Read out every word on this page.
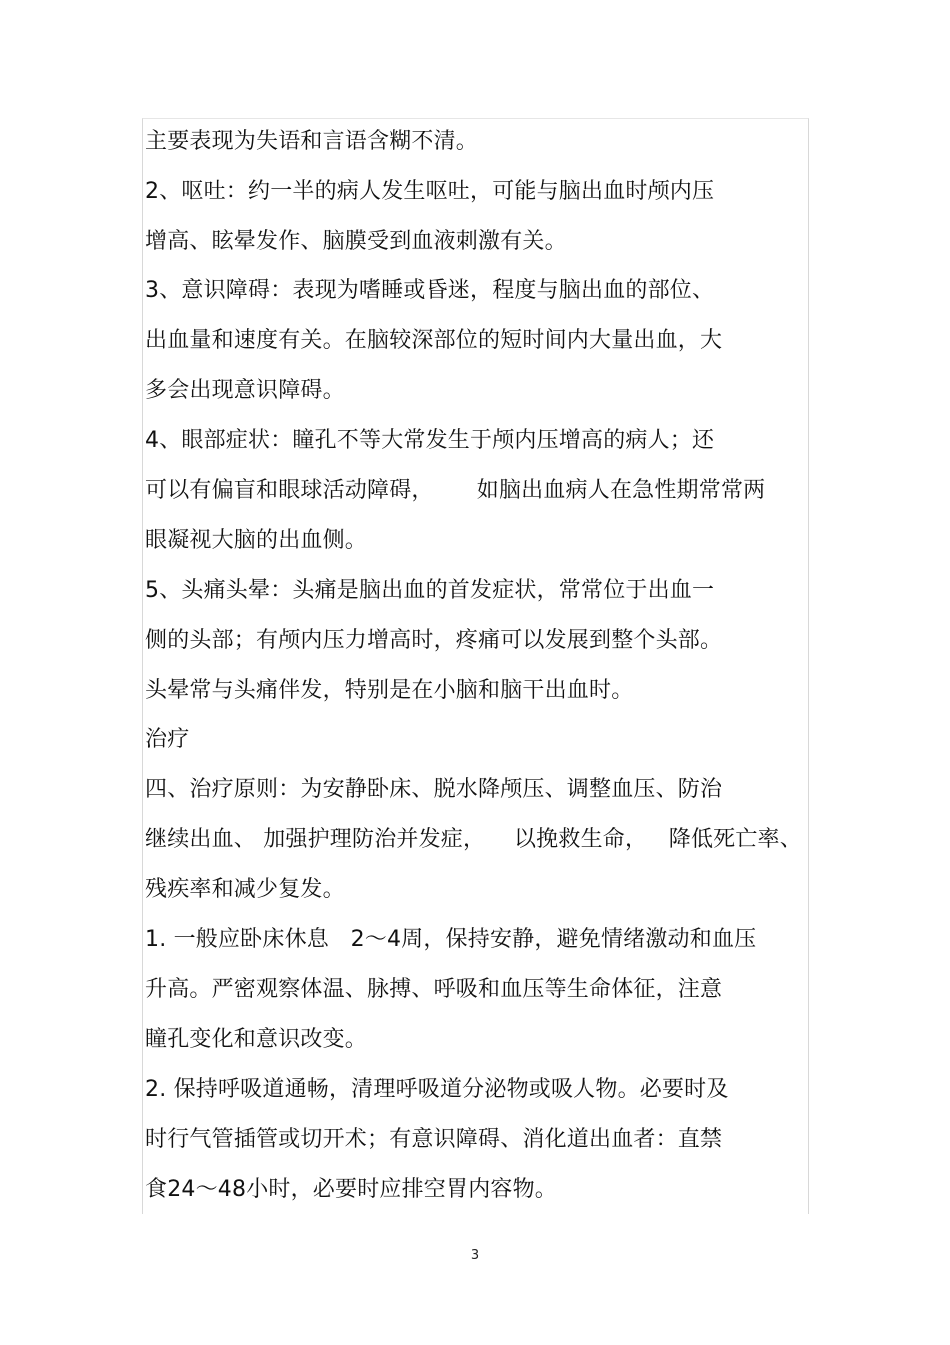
主要表现为失语和言语含糊不清。
2、呕吐：约一半的病人发生呕吐，可能与脑出血时颅内压
增高、眩晕发作、脑膜受到血液刺激有关。
3、意识障碍：表现为嗜睡或昏迷，程度与脑出血的部位、
出血量和速度有关。在脑较深部位的短时间内大量出血，大
多会出现意识障碍。
4、眼部症状：瞳孔不等大常发生于颅内压增高的病人；还
可以有偏盲和眼球活动障碍，      如脑出血病人在急性期常常两
眼凝视大脑的出血侧。
5、头痛头晕：头痛是脑出血的首发症状，常常位于出血一
侧的头部；有颅内压力增高时，疼痛可以发展到整个头部。
头晕常与头痛伴发，特别是在小脑和脑干出血时。
治疗
四、治疗原则：为安静卧床、脱水降颅压、调整血压、防治
继续出血、 加强护理防治并发症，    以挽救生命，   降低死亡率、
残疾率和减少复发。
1. 一般应卧床休息   2～4周，保持安静，避免情绪激动和血压
升高。严密观察体温、脉搏、呼吸和血压等生命体征，注意
瞳孔变化和意识改变。
2. 保持呼吸道通畅，清理呼吸道分泌物或吸人物。必要时及
时行气管插管或切开术；有意识障碍、消化道出血者：直禁
食24～48小时，必要时应排空胃内容物。
3
